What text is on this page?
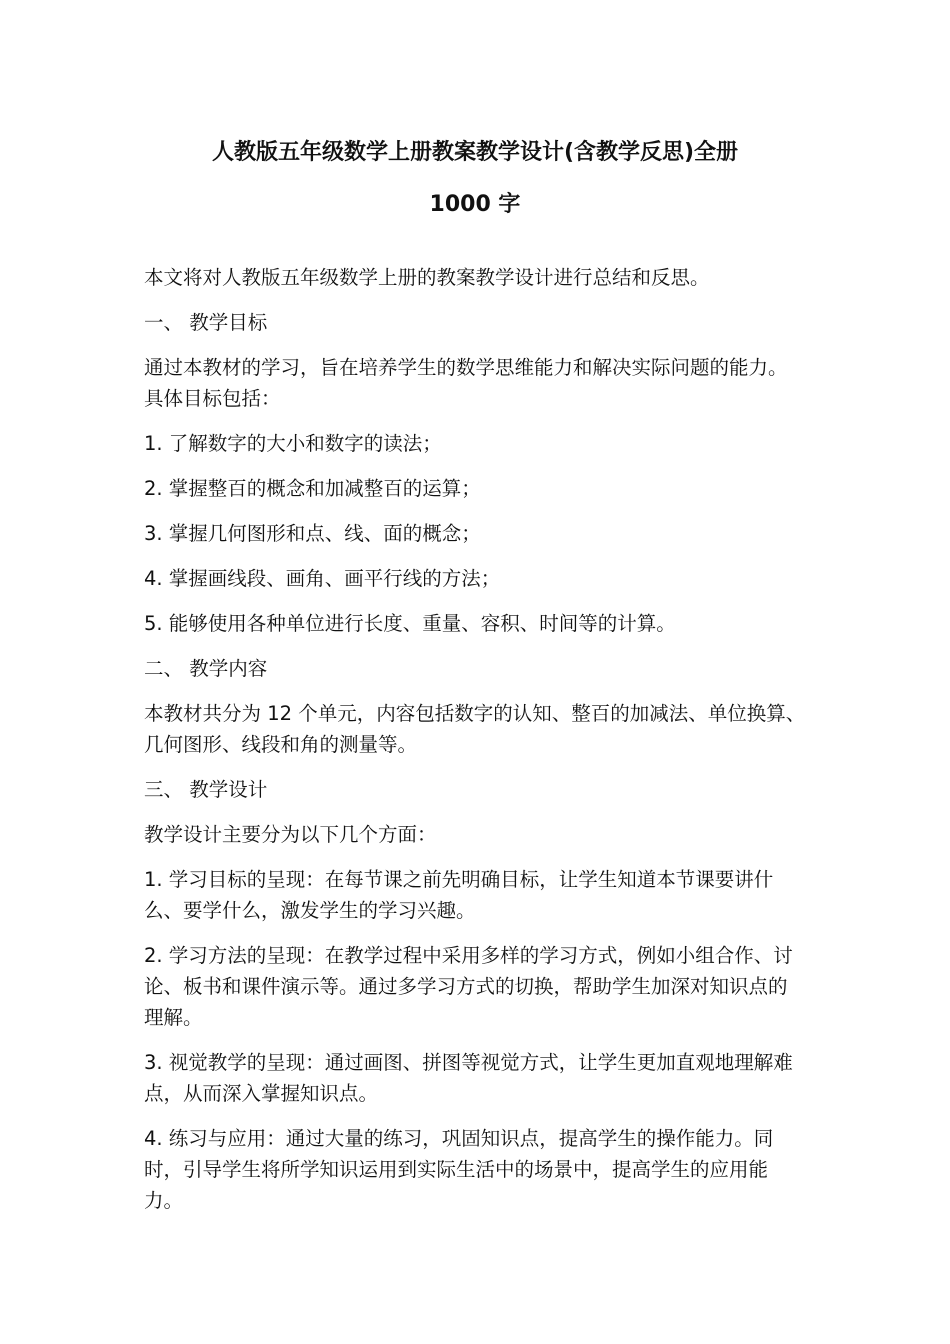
人教版五年级数学上册教案教学设计(含教学反思)全册
1000 字

本文将对人教版五年级数学上册的教案教学设计进行总结和反思。

一、 教学目标

通过本教材的学习，旨在培养学生的数学思维能力和解决实际问题的能力。具体目标包括：

1. 了解数字的大小和数字的读法；

2. 掌握整百的概念和加减整百的运算；

3. 掌握几何图形和点、线、面的概念；

4. 掌握画线段、画角、画平行线的方法；

5. 能够使用各种单位进行长度、重量、容积、时间等的计算。

二、 教学内容

本教材共分为 12 个单元，内容包括数字的认知、整百的加减法、单位换算、几何图形、线段和角的测量等。

三、 教学设计

教学设计主要分为以下几个方面：

1. 学习目标的呈现：在每节课之前先明确目标，让学生知道本节课要讲什么、要学什么，激发学生的学习兴趣。

2. 学习方法的呈现：在教学过程中采用多样的学习方式，例如小组合作、讨论、板书和课件演示等。通过多学习方式的切换，帮助学生加深对知识点的理解。

3. 视觉教学的呈现：通过画图、拼图等视觉方式，让学生更加直观地理解难点，从而深入掌握知识点。

4. 练习与应用：通过大量的练习，巩固知识点，提高学生的操作能力。同时，引导学生将所学知识运用到实际生活中的场景中，提高学生的应用能力。
